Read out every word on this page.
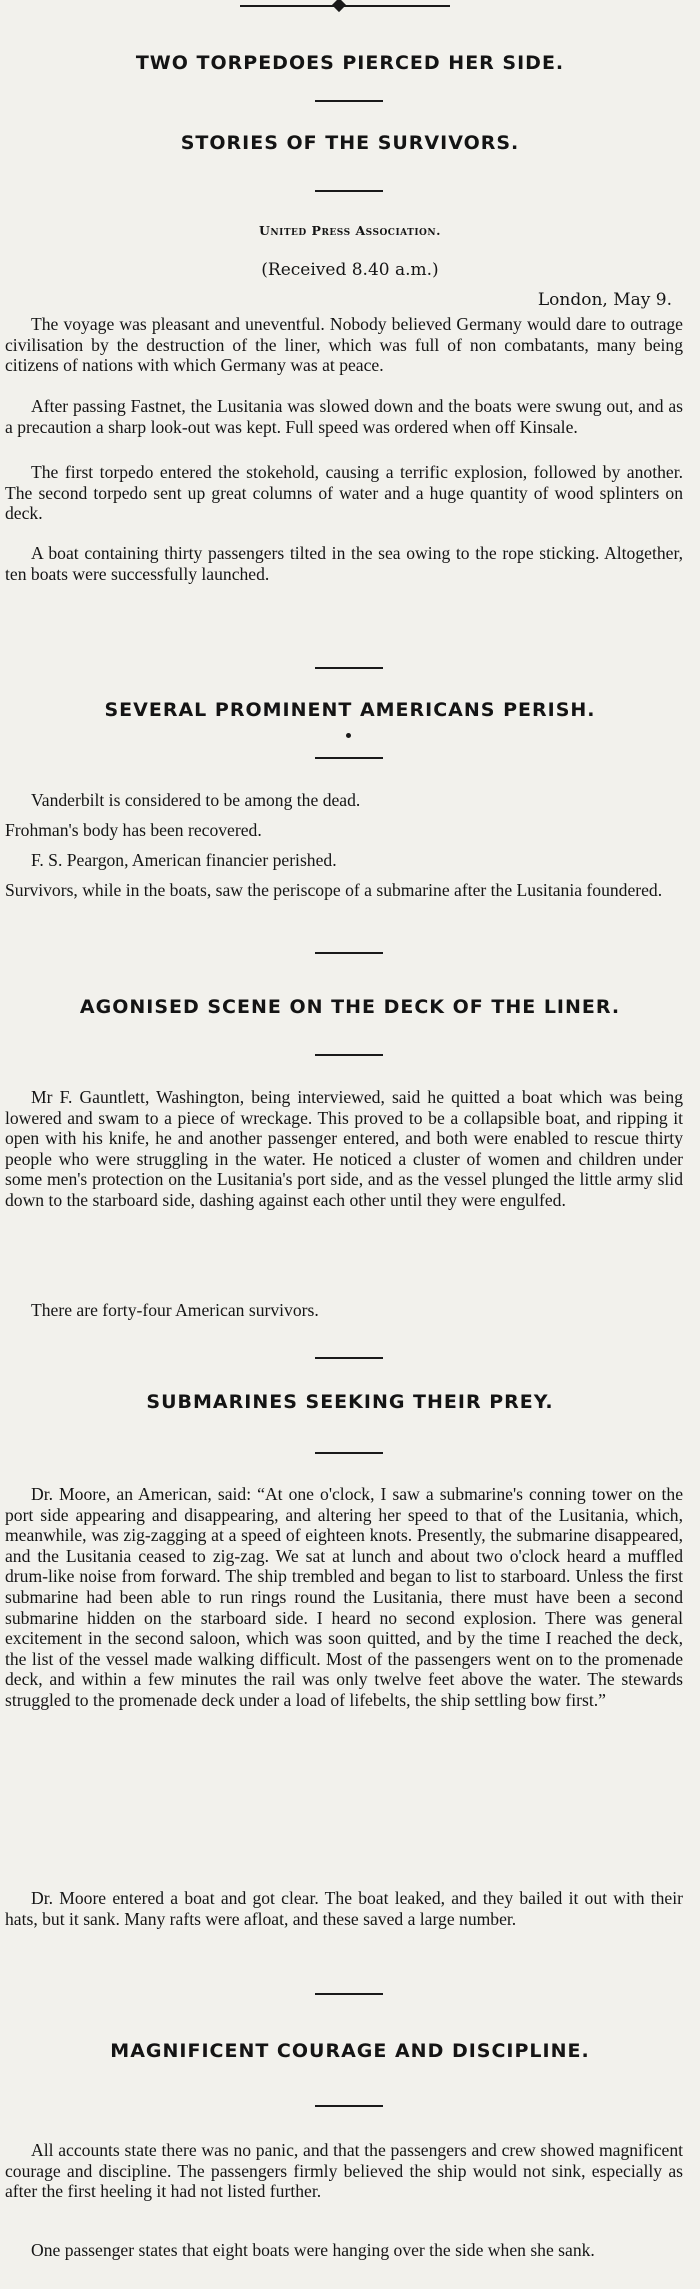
TWO TORPEDOES PIERCED HER SIDE.
STORIES OF THE SURVIVORS.
United Press Association.
(Received 8.40 a.m.)
London, May 9.

The voyage was pleasant and uneventful. Nobody believed Germany would dare to outrage civilisation by the destruction of the liner, which was full of non combatants, many being citizens of nations with which Germany was at peace.

After passing Fastnet, the Lusitania was slowed down and the boats were swung out, and as a precaution a sharp look-out was kept. Full speed was ordered when off Kinsale.

The first torpedo entered the stokehold, causing a terrific explosion, followed by another. The second torpedo sent up great columns of water and a huge quantity of wood splinters on deck.

A boat containing thirty passengers tilted in the sea owing to the rope sticking. Altogether, ten boats were successfully launched.

SEVERAL PROMINENT AMERICANS PERISH.

Vanderbilt is considered to be among the dead.

Frohman's body has been recovered.

F. S. Peargon, American financier perished.

Survivors, while in the boats, saw the periscope of a submarine after the Lusitania foundered.

AGONISED SCENE ON THE DECK OF THE LINER.

Mr F. Gauntlett, Washington, being interviewed, said he quitted a boat which was being lowered and swam to a piece of wreckage. This proved to be a collapsible boat, and ripping it open with his knife, he and another passenger entered, and both were enabled to rescue thirty people who were struggling in the water. He noticed a cluster of women and children under some men's protection on the Lusitania's port side, and as the vessel plunged the little army slid down to the starboard side, dashing against each other until they were engulfed.

There are forty-four American survivors.

SUBMARINES SEEKING THEIR PREY.

Dr. Moore, an American, said: “At one o'clock, I saw a submarine's conning tower on the port side appearing and disappearing, and altering her speed to that of the Lusitania, which, meanwhile, was zig-zagging at a speed of eighteen knots. Presently, the submarine disappeared, and the Lusitania ceased to zig-zag. We sat at lunch and about two o'clock heard a muffled drum-like noise from forward. The ship trembled and began to list to starboard. Unless the first submarine had been able to run rings round the Lusitania, there must have been a second submarine hidden on the starboard side. I heard no second explosion. There was general excitement in the second saloon, which was soon quitted, and by the time I reached the deck, the list of the vessel made walking difficult. Most of the passengers went on to the promenade deck, and within a few minutes the rail was only twelve feet above the water. The stewards struggled to the promenade deck under a load of lifebelts, the ship settling bow first.”

Dr. Moore entered a boat and got clear. The boat leaked, and they bailed it out with their hats, but it sank. Many rafts were afloat, and these saved a large number.

MAGNIFICENT COURAGE AND DISCIPLINE.

All accounts state there was no panic, and that the passengers and crew showed magnificent courage and discipline. The passengers firmly believed the ship would not sink, especially as after the first heeling it had not listed further.

One passenger states that eight boats were hanging over the side when she sank.
